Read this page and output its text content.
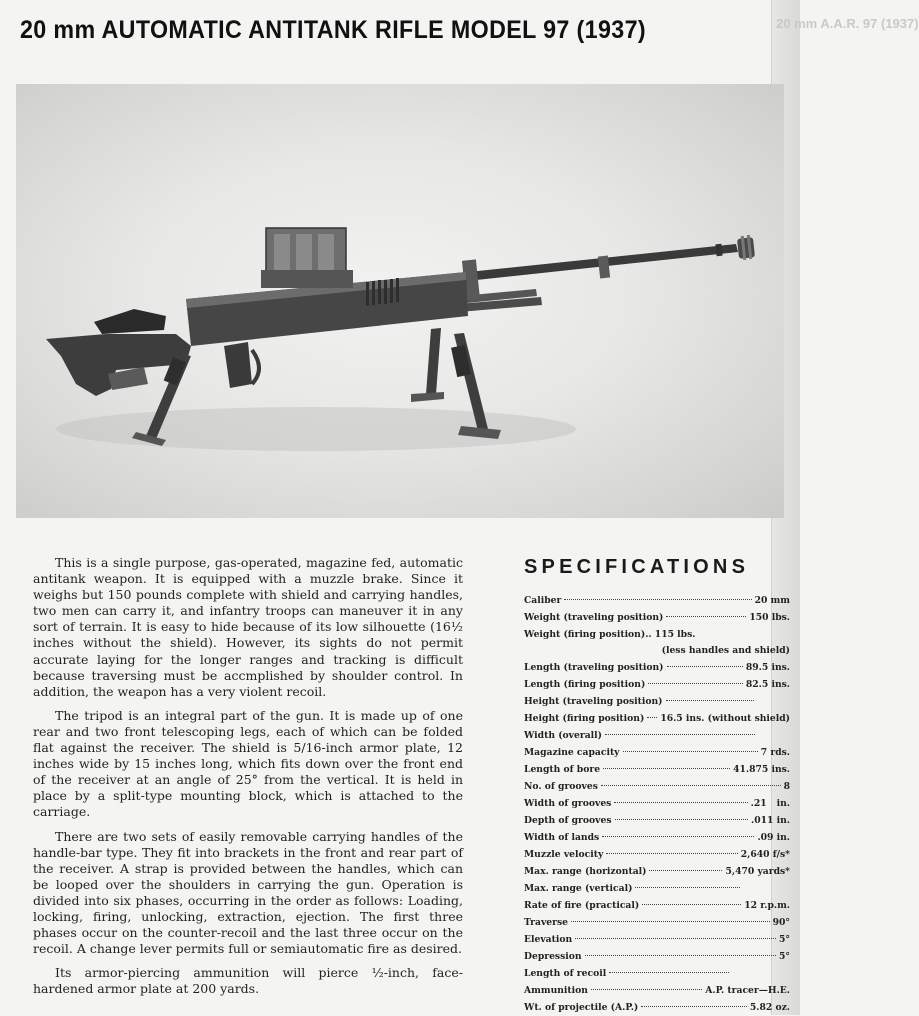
20 mm A.A.R. 97 (1937)
20 mm AUTOMATIC ANTITANK RIFLE MODEL 97 (1937)

This is a single purpose, gas-operated, magazine fed, automatic antitank weapon. It is equipped with a muzzle brake. Since it weighs but 150 pounds complete with shield and carrying handles, two men can carry it, and infantry troops can maneuver it in any sort of terrain. It is easy to hide because of its low silhouette (16½ inches without the shield). However, its sights do not permit accurate laying for the longer ranges and tracking is difficult because traversing must be accmplished by shoulder control. In addition, the weapon has a very violent recoil.

The tripod is an integral part of the gun. It is made up of one rear and two front telescoping legs, each of which can be folded flat against the receiver. The shield is 5/16-inch armor plate, 12 inches wide by 15 inches long, which fits down over the front end of the receiver at an angle of 25° from the vertical. It is held in place by a split-type mounting block, which is attached to the carriage.

There are two sets of easily removable carrying handles of the handle-bar type. They fit into brackets in the front and rear part of the receiver. A strap is provided between the handles, which can be looped over the shoulders in carrying the gun. Operation is divided into six phases, occurring in the order as follows: Loading, locking, firing, unlocking, extraction, ejection. The first three phases occur on the counter-recoil and the last three occur on the recoil. A change lever permits full or semiautomatic fire as desired.

Its armor-piercing ammunition will pierce ½-inch, face-hardened armor plate at 200 yards.

SPECIFICATIONS
Caliber	20 mm
Weight (traveling position)	150 lbs.
Weight (firing position).. 115 lbs.
(less handles and shield)
Length (traveling position)	89.5 ins.
Length (firing position)	82.5 ins.
Height (traveling position)
Height (firing position) 16.5 ins. (without shield)
Width (overall)
Magazine capacity	7 rds.
Length of bore	41.875 ins.
No. of grooves	8
Width of grooves	.21 in.
Depth of grooves	.011 in.
Width of lands	.09 in.
Muzzle velocity	2,640 f/s*
Max. range (horizontal)	5,470 yards*
Max. range (vertical)
Rate of fire (practical)	12 r.p.m.
Traverse	90°
Elevation	5°
Depression	5°
Length of recoil
Ammunition	A.P. tracer—H.E.
Wt. of projectile (A.P.)	5.82 oz.
